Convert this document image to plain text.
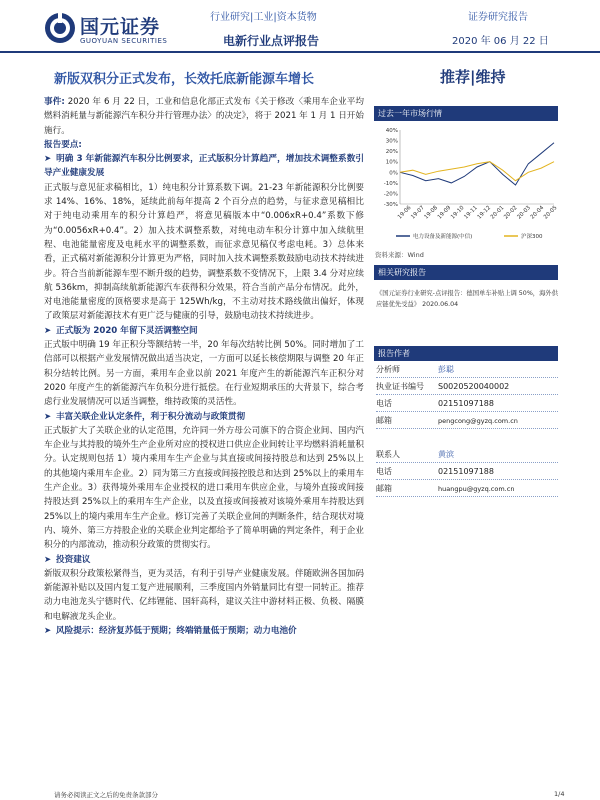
国元证券
GUOYUAN SECURITIES
行业研究|工业|资本货物
电新行业点评报告
证券研究报告
2020 年 06 月 22 日
新版双积分正式发布，长效托底新能源车增长	推荐|维持

事件: 2020 年 6 月 22 日，工业和信息化部正式发布《关于修改〈乘用车企业平均燃料消耗量与新能源汽车积分并行管理办法〉的决定》，将于 2021 年 1 月 1 日开始施行。

报告要点:

➤ 明确 3 年新能源汽车积分比例要求，正式版积分计算趋严，增加技术调整系数引导产业健康发展

正式版与意见征求稿相比，1）纯电积分计算系数下调。21-23 年新能源积分比例要求 14%、16%、18%，延续此前每年提高 2 个百分点的趋势，与征求意见稿相比对于纯电动乘用车的积分计算趋严，将意见稿版本中“0.006xR+0.4”系数下修为“0.0056xR+0.4”。2）加入技术调整系数，对纯电动车积分计算中加入续航里程、电池能量密度及电耗水平的调整系数，而征求意见稿仅考虑电耗。3）总体来看，正式稿对新能源积分计算更为严格，同时加入技术调整系数鼓励电动技术持续进步。符合当前新能源车型不断升级的趋势，调整系数不变情况下，上限 3.4 分对应续航 536km，抑制高续航新能源汽车获得积分效果，符合当前产品分布情况。此外，对电池能量密度的顶格要求是高于 125Wh/kg，不主动对技术路线做出偏好，体现了政策层对新能源技术有更广泛与健康的引导，鼓励电动技术持续进步。

➤ 正式版为 2020 年留下灵活调整空间

正式版中明确 19 年正积分等额结转一半，20 年每次结转比例 50%。同时增加了工信部可以根据产业发展情况做出适当决定，一方面可以延长核偿期限与调整 20 年正积分结转比例。另一方面，乘用车企业以前 2021 年度产生的新能源汽车正积分对 2020 年度产生的新能源汽车负积分进行抵偿。在行业短期承压的大背景下，综合考虑行业发展情况可以适当调整，维持政策的灵活性。

➤ 丰富关联企业认定条件，利于积分流动与政策贯彻

正式版扩大了关联企业的认定范围，允许同一外方母公司旗下的合资企业间、国内汽车企业与其持股的境外生产企业所对应的授权进口供应企业间转让平均燃料消耗量积分。认定规则包括 1）境内乘用车生产企业与其直接或间接持股总和达到 25%以上的其他境内乘用车企业。2）同为第三方直接或间接控股总和达到 25%以上的乘用车生产企业。3）获得境外乘用车企业授权的进口乘用车供应企业，与境外直接或间接持股达到 25%以上的乘用车生产企业，以及直接或间接被对该境外乘用车持股达到 25%以上的境内乘用车生产企业。修订完善了关联企业间的判断条件，结合现状对境内、境外、第三方持股企业的关联企业判定都给予了简单明确的判定条件，利于企业积分的内部流动，推动积分政策的贯彻实行。

➤ 投资建议

新版双积分政策松紧得当，更为灵活，有利于引导产业健康发展。伴随欧洲各国加码新能源补贴以及国内复工复产进展顺利，三季度国内外销量同比有望一同转正。推荐动力电池龙头宁德时代、亿纬锂能、国轩高科，建议关注中游材料正极、负极、隔膜和电解液龙头企业。

➤ 风险提示：经济复苏低于预期；终端销量低于预期；动力电池价

过去一年市场行情
40%
30%
20%
10%
0%
-10%
-20%
-30%
19-06
19-07
19-08
19-09
19-10
19-11
19-12
20-01
20-02
20-03
20-04
20-05
电力设备及新能源(中信)	沪深300
资料来源：Wind
相关研究报告
《国元证券行业研究-点评报告：德国单车补贴上调 50%，海外供应链优先受益》 2020.06.04
报告作者
分析师	彭聪
执业证书编号 S0020520040002
电话	02151097188
邮箱	pengcong@gyzq.com.cn
联系人	黄滨
电话	02151097188
邮箱	huangpu@gyzq.com.cn
请务必阅读正文之后的免责条款部分	1/4
